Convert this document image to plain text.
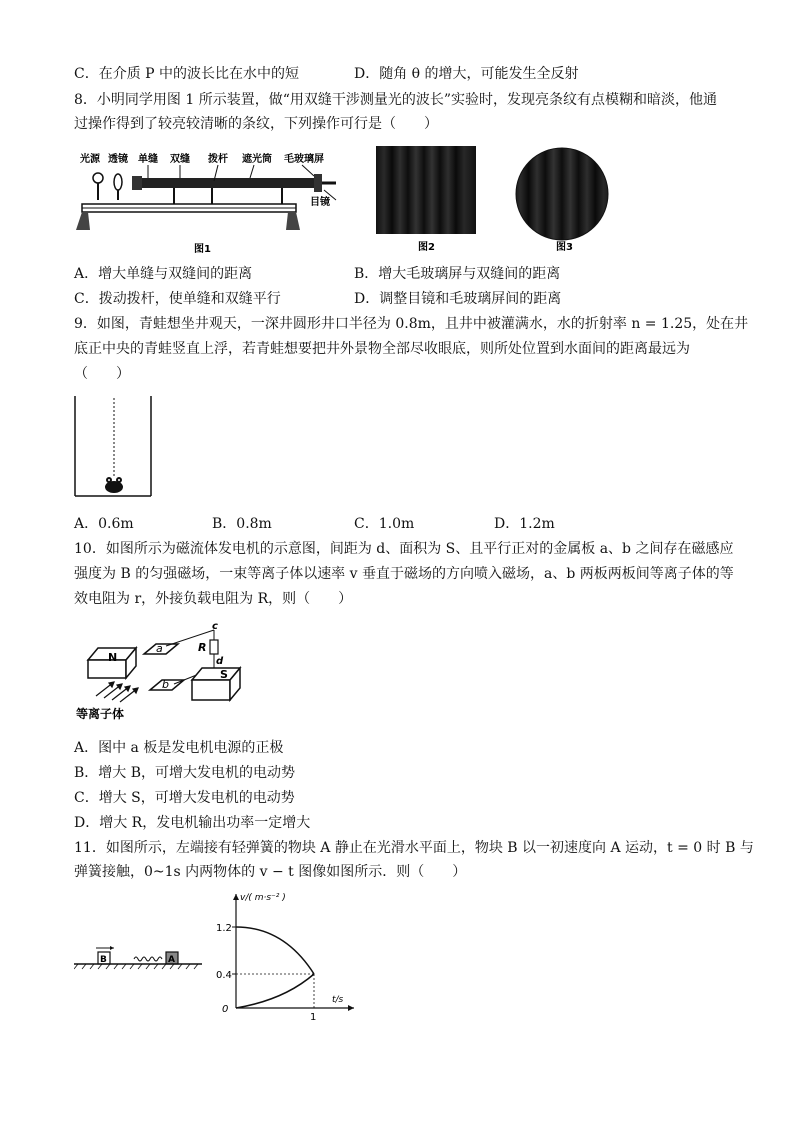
C．在介质 P 中的波长比在水中的短	D．随角 θ 的增大，可能发生全反射
8．小明同学用图 1 所示装置，做“用双缝干涉测量光的波长”实验时，发现亮条纹有点模糊和暗淡，他通
过操作得到了较亮较清晰的条纹，下列操作可行是（　　）
光源 透镜 单缝 双缝 拨杆 遮光筒 毛玻璃屏
目镜
图1	图2	图3
A．增大单缝与双缝间的距离	B．增大毛玻璃屏与双缝间的距离
C．拨动拨杆，使单缝和双缝平行	D．调整目镜和毛玻璃屏间的距离
9．如图，青蛙想坐井观天，一深井圆形井口半径为 0.8m，且井中被灌满水，水的折射率 n = 1.25，处在井
底正中央的青蛙竖直上浮，若青蛙想要把井外景物全部尽收眼底，则所处位置到水面间的距离最远为
（　　）
A．0.6m	B．0.8m	C．1.0m	D．1.2m
10．如图所示为磁流体发电机的示意图，间距为 d、面积为 S、且平行正对的金属板 a、b 之间存在磁感应
强度为 B 的匀强磁场，一束等离子体以速率 v 垂直于磁场的方向喷入磁场，a、b 两板两板间等离子体的等
效电阻为 r，外接负载电阻为 R，则（　　）
N
a
b
c
R
d
S
等离子体
A．图中 a 板是发电机电源的正极
B．增大 B，可增大发电机的电动势
C．增大 S，可增大发电机的电动势
D．增大 R，发电机输出功率一定增大
11．如图所示，左端接有轻弹簧的物块 A 静止在光滑水平面上，物块 B 以一初速度向 A 运动，t = 0 时 B 与
弹簧接触，0~1s 内两物体的 v − t 图像如图所示．则（　　）
B	A
v/( m·s⁻² )
t/s
1.2
0.4
0
1
